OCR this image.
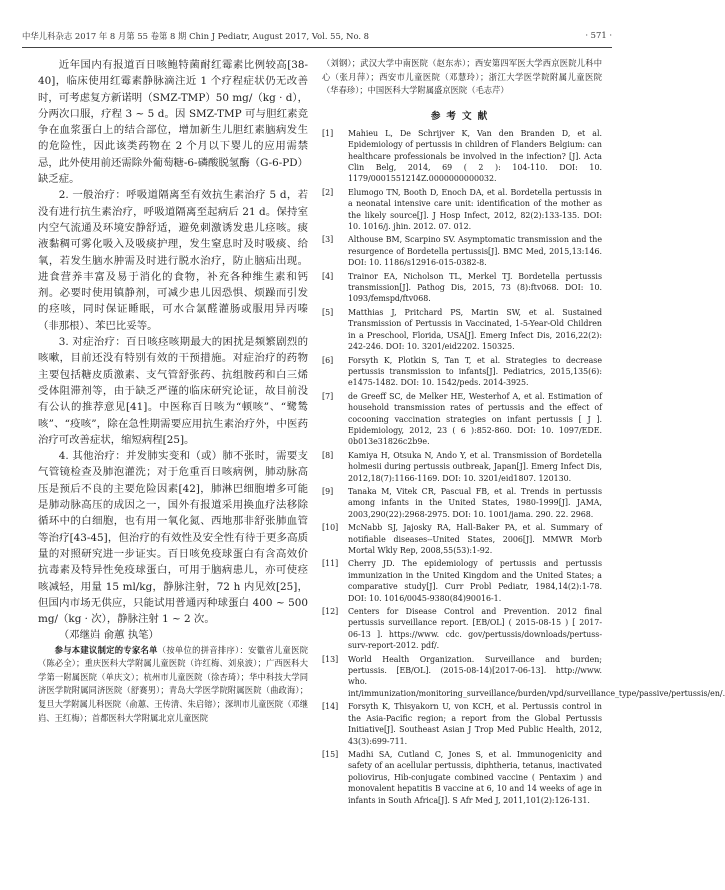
中华儿科杂志 2017 年 8 月第 55 卷第 8 期 Chin J Pediatr, August 2017, Vol. 55, No. 8	· 571 ·

近年国内有报道百日咳鲍特菌耐红霉素比例较高[38-40]，临床使用红霉素静脉滴注近 1 个疗程症状仍无改善时，可考虑复方新诺明（SMZ-TMP）50 mg/（kg · d），分两次口服，疗程 3 ~ 5 d。因 SMZ-TMP 可与胆红素竞争在血浆蛋白上的结合部位，增加新生儿胆红素脑病发生的危险性，因此该类药物在 2 个月以下婴儿的应用需禁忌，此外使用前还需除外葡萄糖-6-磷酸脱氢酶（G-6-PD）缺乏症。

2. 一般治疗：呼吸道隔离至有效抗生素治疗 5 d，若没有进行抗生素治疗，呼吸道隔离至起病后 21 d。保持室内空气流通及环境安静舒适，避免刺激诱发患儿痉咳。痰液黏稠可雾化吸入及吸痰护理，发生窒息时及时吸痰、给氧，若发生脑水肿需及时进行脱水治疗，防止脑疝出现。进食营养丰富及易于消化的食物，补充各种维生素和钙剂。必要时使用镇静剂，可减少患儿因恐惧、烦躁而引发的痉咳，同时保证睡眠，可水合氯醛灌肠或服用异丙嗪（非那根）、苯巴比妥等。

3. 对症治疗：百日咳痉咳期最大的困扰是频繁剧烈的咳嗽，目前还没有特别有效的干预措施。对症治疗的药物主要包括糖皮质激素、支气管舒张药、抗组胺药和白三烯受体阻滞剂等，由于缺乏严谨的临床研究论证，故目前没有公认的推荐意见[41]。中医称百日咳为“顿咳”、“鹭鸶咳”、“疫咳”，除在急性期需要应用抗生素治疗外，中医药治疗可改善症状，缩短病程[25]。

4. 其他治疗：并发肺实变和（或）肺不张时，需要支气管镜检查及肺泡灌洗；对于危重百日咳病例，肺动脉高压是预后不良的主要危险因素[42]，肺淋巴细胞增多可能是肺动脉高压的成因之一，国外有报道采用换血疗法移除循环中的白细胞，也有用一氧化氮、西地那非舒张肺血管等治疗[43-45]，但治疗的有效性及安全性有待于更多高质量的对照研究进一步证实。百日咳免疫球蛋白有含高效价抗毒素及特异性免疫球蛋白，可用于脑病患儿，亦可使痉咳减轻，用量 15 ml/kg，静脉注射，72 h 内见效[25]，但国内市场无供应，只能试用普通丙种球蛋白 400 ~ 500 mg/（kg · 次），静脉注射 1 ~ 2 次。

（邓继岿 俞蕙 执笔）

参与本建议制定的专家名单（按单位的拼音排序）：安徽省儿童医院（陈必全）；重庆医科大学附属儿童医院（许红梅、刘泉波）；广西医科大学第一附属医院（单庆文）；杭州市儿童医院（徐杏琦）；华中科技大学同济医学院附属同济医院（舒赛男）；青岛大学医学院附属医院（曲政海）；复旦大学附属儿科医院（俞蕙、王传清、朱启镕）；深圳市儿童医院（邓继岿、王红梅）；首都医科大学附属北京儿童医院

（刘钢）；武汉大学中南医院（赵东赤）；西安第四军医大学西京医院儿科中心（张月萍）；西安市儿童医院（邓慧玲）；浙江大学医学院附属儿童医院（华春珍）；中国医科大学附属盛京医院（毛志芹）

参考文献
[1] Mahieu L, De Schrijver K, Van den Branden D, et al. Epidemiology of pertussis in children of Flanders Belgium: can healthcare professionals be involved in the infection? [J]. Acta Clin Belg, 2014, 69 ( 2 ): 104-110. DOI: 10. 1179/0001551214Z.0000000000032.
[2] Elumogo TN, Booth D, Enoch DA, et al. Bordetella pertussis in a neonatal intensive care unit: identification of the mother as the likely source[J]. J Hosp Infect, 2012, 82(2):133-135. DOI: 10. 1016/j. jhin. 2012. 07. 012.
[3] Althouse BM, Scarpino SV. Asymptomatic transmission and the resurgence of Bordetella pertussis[J]. BMC Med, 2015,13:146. DOI: 10. 1186/s12916-015-0382-8.
[4] Trainor EA, Nicholson TL, Merkel TJ. Bordetella pertussis transmission[J]. Pathog Dis, 2015, 73 (8):ftv068. DOI: 10. 1093/femspd/ftv068.
[5] Matthias J, Pritchard PS, Martin SW, et al. Sustained Transmission of Pertussis in Vaccinated, 1-5-Year-Old Children in a Preschool, Florida, USA[J]. Emerg Infect Dis, 2016,22(2): 242-246. DOI: 10. 3201/eid2202. 150325.
[6] Forsyth K, Plotkin S, Tan T, et al. Strategies to decrease pertussis transmission to infants[J]. Pediatrics, 2015,135(6): e1475-1482. DOI: 10. 1542/peds. 2014-3925.
[7] de Greeff SC, de Melker HE, Westerhof A, et al. Estimation of household transmission rates of pertussis and the effect of cocooning vaccination strategies on infant pertussis [ J ]. Epidemiology, 2012, 23 ( 6 ):852-860. DOI: 10. 1097/EDE. 0b013e31826c2b9e.
[8] Kamiya H, Otsuka N, Ando Y, et al. Transmission of Bordetella holmesii during pertussis outbreak, Japan[J]. Emerg Infect Dis, 2012,18(7):1166-1169. DOI: 10. 3201/eid1807. 120130.
[9] Tanaka M, Vitek CR, Pascual FB, et al. Trends in pertussis among infants in the United States, 1980-1999[J]. JAMA, 2003,290(22):2968-2975. DOI: 10. 1001/jama. 290. 22. 2968.
[10] McNabb SJ, Jajosky RA, Hall-Baker PA, et al. Summary of notifiable diseases--United States, 2006[J]. MMWR Morb Mortal Wkly Rep, 2008,55(53):1-92.
[11] Cherry JD. The epidemiology of pertussis and pertussis immunization in the United Kingdom and the United States; a comparative study[J]. Curr Probl Pediatr, 1984,14(2):1-78. DOI: 10. 1016/0045-9380(84)90016-1.
[12] Centers for Disease Control and Prevention. 2012 final pertussis surveillance report. [EB/OL] ( 2015-08-15 ) [ 2017-06-13 ]. https://www. cdc. gov/pertussis/downloads/pertuss-surv-report-2012. pdf/.
[13] World Health Organization. Surveillance and burden; pertussis. [EB/OL]. (2015-08-14)[2017-06-13]. http://www. who. int/immunization/monitoring_surveillance/burden/vpd/surveillance_type/passive/pertussis/en/.
[14] Forsyth K, Thisyakorn U, von KCH, et al. Pertussis control in the Asia-Pacific region; a report from the Global Pertussis Initiative[J]. Southeast Asian J Trop Med Public Health, 2012, 43(3):699-711.
[15] Madhi SA, Cutland C, Jones S, et al. Immunogenicity and safety of an acellular pertussis, diphtheria, tetanus, inactivated poliovirus, Hib-conjugate combined vaccine ( Pentaxim ) and monovalent hepatitis B vaccine at 6, 10 and 14 weeks of age in infants in South Africa[J]. S Afr Med J, 2011,101(2):126-131.
